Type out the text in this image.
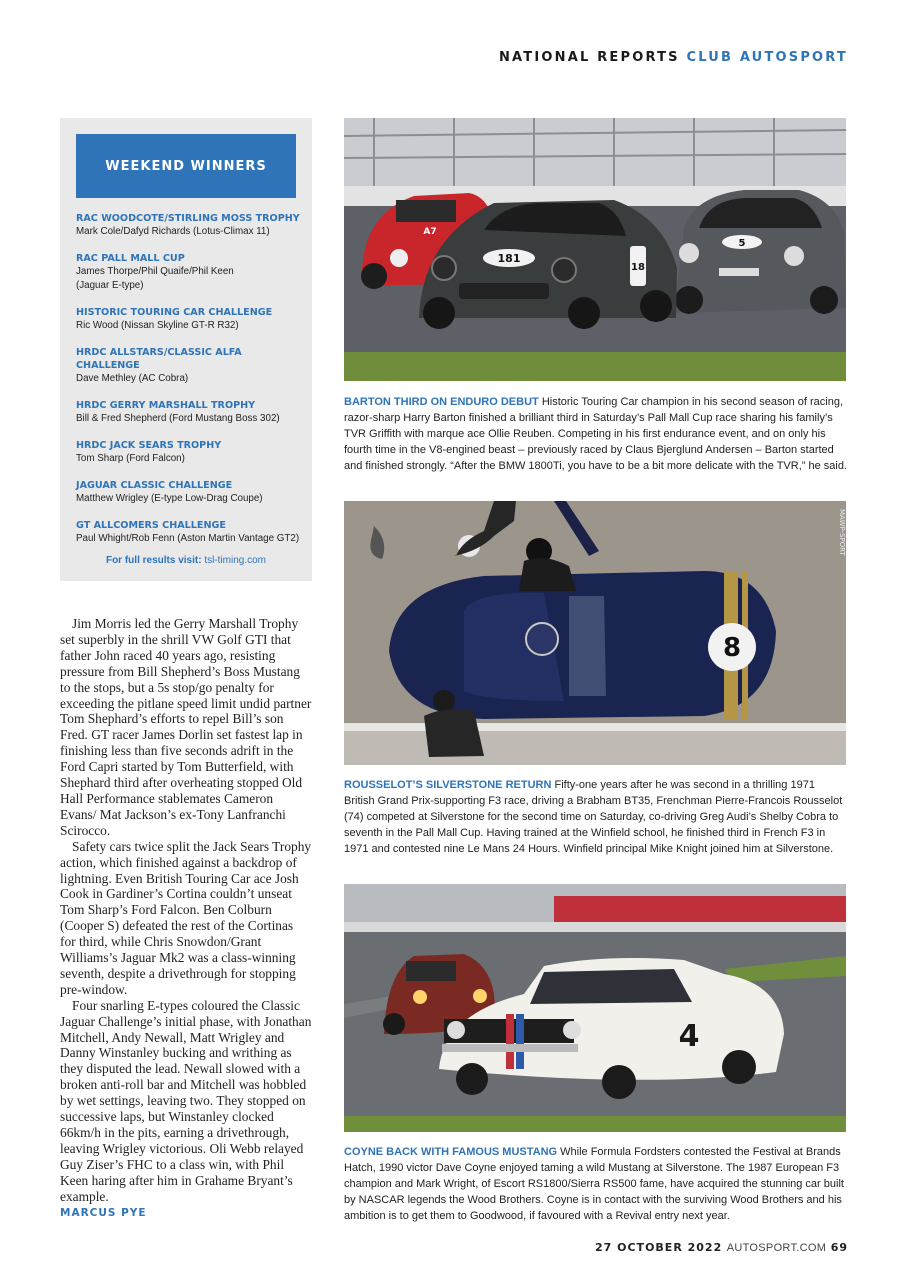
NATIONAL REPORTS CLUB AUTOSPORT
WEEKEND WINNERS
RAC WOODCOTE/STIRLING MOSS TROPHY
Mark Cole/Dafyd Richards (Lotus-Climax 11)
RAC PALL MALL CUP
James Thorpe/Phil Quaife/Phil Keen (Jaguar E-type)
HISTORIC TOURING CAR CHALLENGE
Ric Wood (Nissan Skyline GT-R R32)
HRDC ALLSTARS/CLASSIC ALFA CHALLENGE
Dave Methley (AC Cobra)
HRDC GERRY MARSHALL TROPHY
Bill & Fred Shepherd (Ford Mustang Boss 302)
HRDC JACK SEARS TROPHY
Tom Sharp (Ford Falcon)
JAGUAR CLASSIC CHALLENGE
Matthew Wrigley (E-type Low-Drag Coupe)
GT ALLCOMERS CHALLENGE
Paul Whight/Rob Fenn (Aston Martin Vantage GT2)
For full results visit: tsl-timing.com

Jim Morris led the Gerry Marshall Trophy set superbly in the shrill VW Golf GTI that father John raced 40 years ago, resisting pressure from Bill Shepherd’s Boss Mustang to the stops, but a 5s stop/go penalty for exceeding the pitlane speed limit undid partner Tom Shephard’s efforts to repel Bill’s son Fred. GT racer James Dorlin set fastest lap in finishing less than five seconds adrift in the Ford Capri started by Tom Butterfield, with Shephard third after overheating stopped Old Hall Performance stablemates Cameron Evans/ Mat Jackson’s ex-Tony Lanfranchi Scirocco.

Safety cars twice split the Jack Sears Trophy action, which finished against a backdrop of lightning. Even British Touring Car ace Josh Cook in Gardiner’s Cortina couldn’t unseat Tom Sharp’s Ford Falcon. Ben Colburn (Cooper S) defeated the rest of the Cortinas for third, while Chris Snowdon/Grant Williams’s Jaguar Mk2 was a class-winning seventh, despite a drivethrough for stopping pre-window.

Four snarling E-types coloured the Classic Jaguar Challenge’s initial phase, with Jonathan Mitchell, Andy Newall, Matt Wrigley and Danny Winstanley bucking and writhing as they disputed the lead. Newall slowed with a broken anti-roll bar and Mitchell was hobbled by wet settings, leaving two. They stopped on successive laps, but Winstanley clocked 66km/h in the pits, earning a drivethrough, leaving Wrigley victorious. Oli Webb relayed Guy Ziser’s FHC to a class win, with Phil Keen haring after him in Grahame Bryant’s example.

MARCUS PYE
181
18
5
A7
BARTON THIRD ON ENDURO DEBUT Historic Touring Car champion in his second season of racing, razor-sharp Harry Barton finished a brilliant third in Saturday’s Pall Mall Cup race sharing his family’s TVR Griffith with marque ace Ollie Reuben. Competing in his first endurance event, and on only his fourth time in the V8-engined beast – previously raced by Claus Bjerglund Andersen – Barton started and finished strongly. “After the BMW 1800Ti, you have to be a bit more delicate with the TVR,” he said.
8
MAWP-SPORT
ROUSSELOT’S SILVERSTONE RETURN Fifty-one years after he was second in a thrilling 1971 British Grand Prix-supporting F3 race, driving a Brabham BT35, Frenchman Pierre-Francois Rousselot (74) competed at Silverstone for the second time on Saturday, co-driving Greg Audi’s Shelby Cobra to seventh in the Pall Mall Cup. Having trained at the Winfield school, he finished third in French F3 in 1971 and contested nine Le Mans 24 Hours. Winfield principal Mike Knight joined him at Silverstone.
4
COYNE BACK WITH FAMOUS MUSTANG While Formula Fordsters contested the Festival at Brands Hatch, 1990 victor Dave Coyne enjoyed taming a wild Mustang at Silverstone. The 1987 European F3 champion and Mark Wright, of Escort RS1800/Sierra RS500 fame, have acquired the stunning car built by NASCAR legends the Wood Brothers. Coyne is in contact with the surviving Wood Brothers and his ambition is to get them to Goodwood, if favoured with a Revival entry next year.
27 OCTOBER 2022 AUTOSPORT.COM 69
